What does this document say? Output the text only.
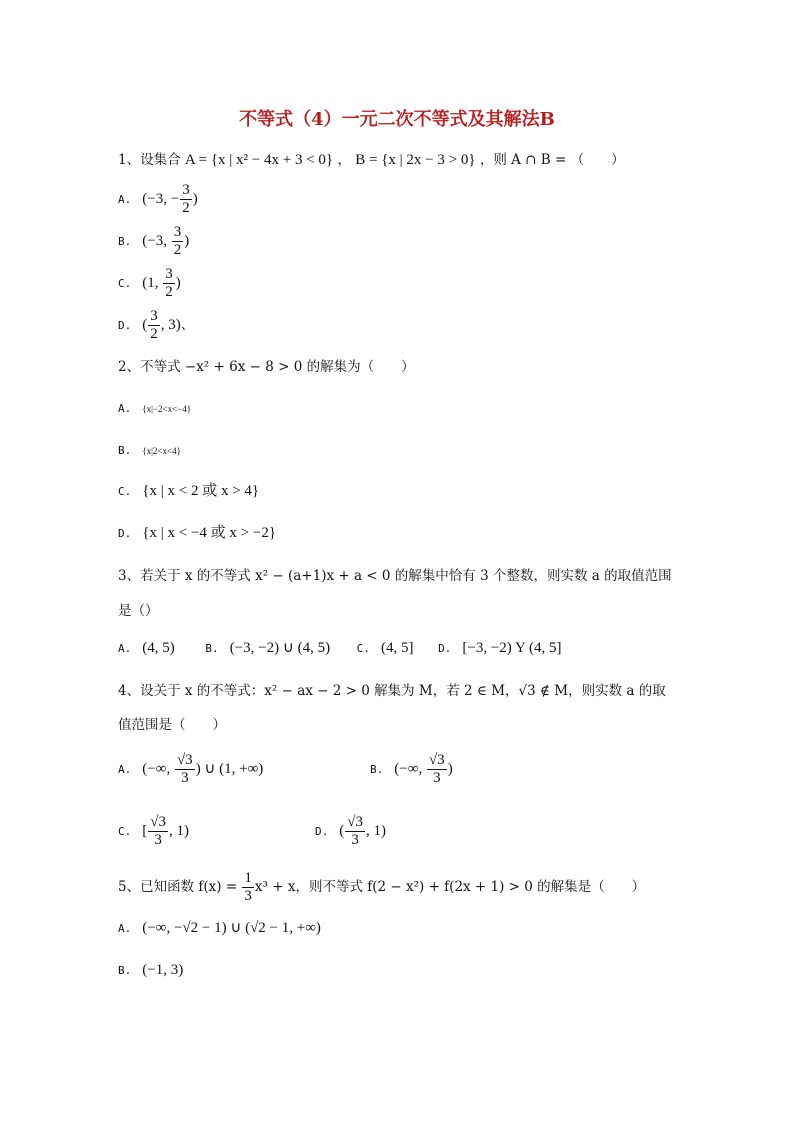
不等式（4）一元二次不等式及其解法B
1、设集合 A = {x | x² − 4x + 3 < 0} ， B = {x | 2x − 3 > 0} ，则 A ∩ B = （　　）
A. (−3, − $\frac{3}{2}$ )
B. (−3, $\frac{3}{2}$ )
C. (1, $\frac{3}{2}$ )
D. ( $\frac{3}{2}$ , 3)、
2、不等式 −x² + 6x − 8 > 0 的解集为（　　）
A. {x|−2<x<−4}
B. {x|2<x<4}
C. {x | x < 2 或 x > 4}
D. {x | x < −4 或 x > −2}
3、若关于 x 的不等式 x² − (a+1)x + a < 0 的解集中恰有 3 个整数，则实数 a 的取值范围
是（）
A. (4, 5)	B. (−3, −2) ∪ (4, 5) C. (4, 5] D. [−3, −2) Y (4, 5]
4、设关于 x 的不等式：x² − ax − 2 > 0 解集为 M，若 2 ∈ M，√3 ∉ M，则实数 a 的取
值范围是（　　）
A. (−∞, $\frac{√3}{3}$ ) ∪ (1, +∞)	B. (−∞, $\frac{√3}{3}$ )
C. [ $\frac{√3}{3}$ , 1)	D. ( $\frac{√3}{3}$ , 1)
5、已知函数 $f(x) = \frac{1}{3} x^3 + x$，则不等式 f(2 − x²) + f(2x + 1) > 0 的解集是（　　）
A. (−∞, −√2 − 1) ∪ (√2 − 1, +∞)
B. (−1, 3)
